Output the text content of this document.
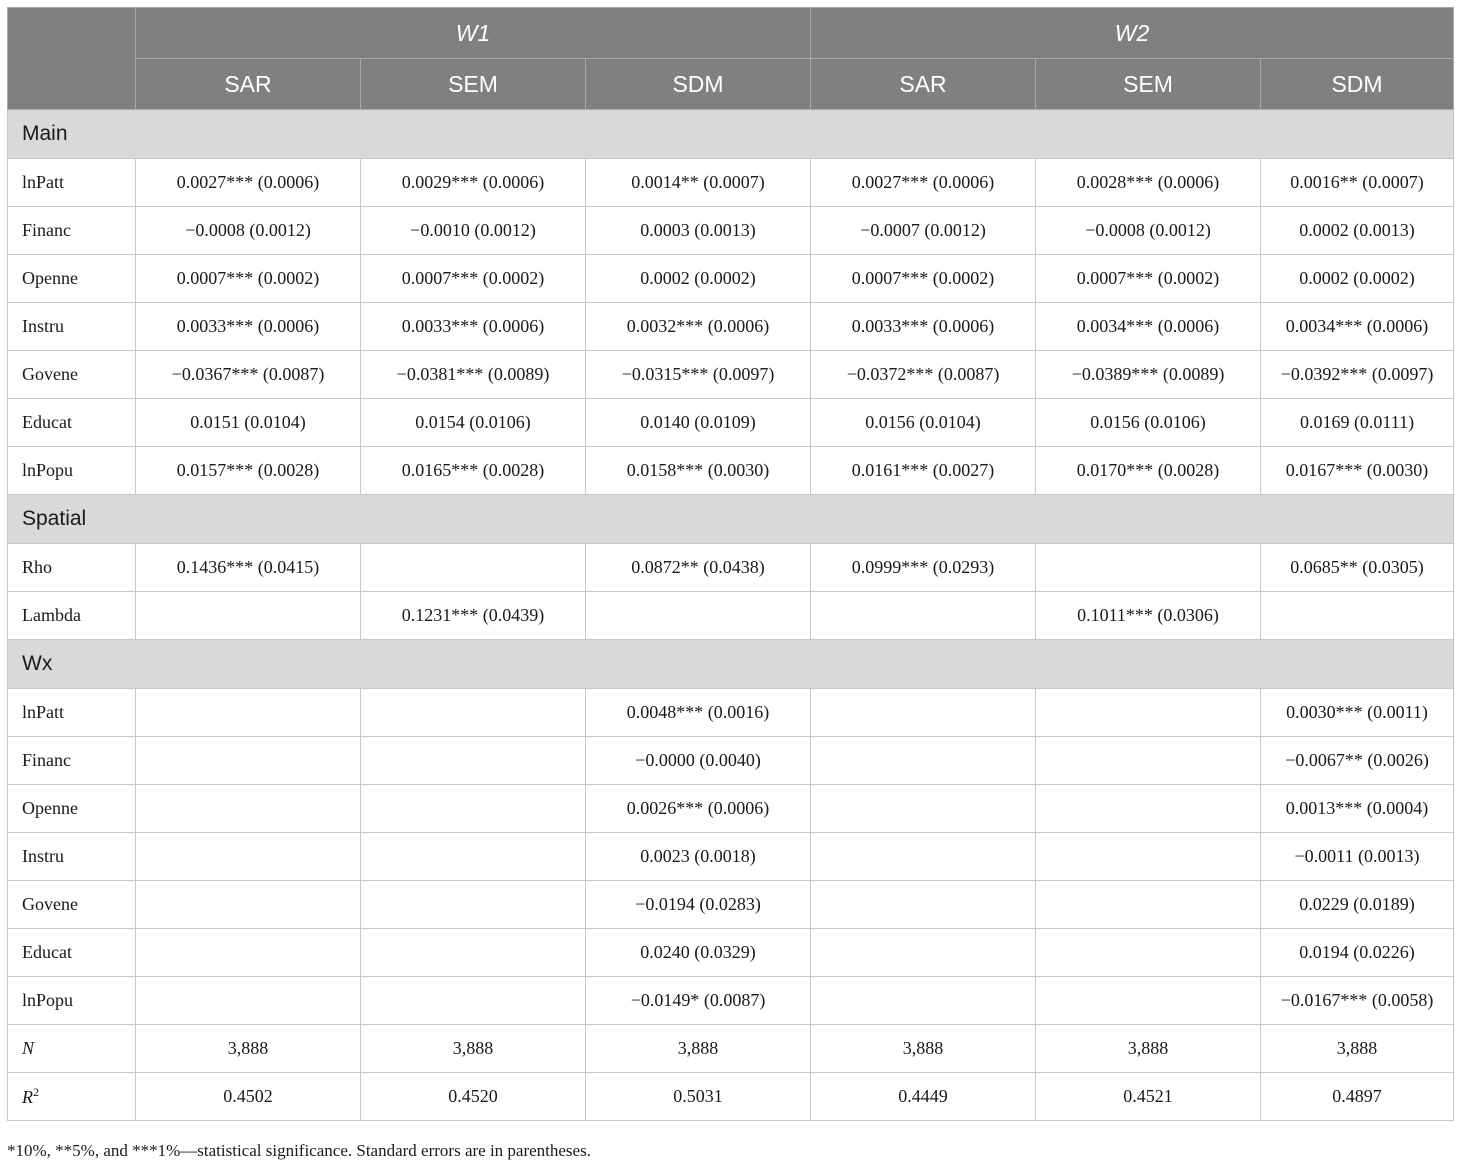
	W1			W2		
	SAR	SEM	SDM	SAR	SEM	SDM
Main						
lnPatt	0.0027*** (0.0006)	0.0029*** (0.0006)	0.0014** (0.0007)	0.0027*** (0.0006)	0.0028*** (0.0006)	0.0016** (0.0007)
Financ	−0.0008 (0.0012)	−0.0010 (0.0012)	0.0003 (0.0013)	−0.0007 (0.0012)	−0.0008 (0.0012)	0.0002 (0.0013)
Openne	0.0007*** (0.0002)	0.0007*** (0.0002)	0.0002 (0.0002)	0.0007*** (0.0002)	0.0007*** (0.0002)	0.0002 (0.0002)
Instru	0.0033*** (0.0006)	0.0033*** (0.0006)	0.0032*** (0.0006)	0.0033*** (0.0006)	0.0034*** (0.0006)	0.0034*** (0.0006)
Govene	−0.0367*** (0.0087)	−0.0381*** (0.0089)	−0.0315*** (0.0097)	−0.0372*** (0.0087)	−0.0389*** (0.0089)	−0.0392*** (0.0097)
Educat	0.0151 (0.0104)	0.0154 (0.0106)	0.0140 (0.0109)	0.0156 (0.0104)	0.0156 (0.0106)	0.0169 (0.0111)
lnPopu	0.0157*** (0.0028)	0.0165*** (0.0028)	0.0158*** (0.0030)	0.0161*** (0.0027)	0.0170*** (0.0028)	0.0167*** (0.0030)
Spatial						
Rho	0.1436*** (0.0415)		0.0872** (0.0438)	0.0999*** (0.0293)		0.0685** (0.0305)
Lambda		0.1231*** (0.0439)			0.1011*** (0.0306)	
Wx						
lnPatt			0.0048*** (0.0016)			0.0030*** (0.0011)
Financ			−0.0000 (0.0040)			−0.0067** (0.0026)
Openne			0.0026*** (0.0006)			0.0013*** (0.0004)
Instru			0.0023 (0.0018)			−0.0011 (0.0013)
Govene			−0.0194 (0.0283)			0.0229 (0.0189)
Educat			0.0240 (0.0329)			0.0194 (0.0226)
lnPopu			−0.0149* (0.0087)			−0.0167*** (0.0058)
N	3,888	3,888	3,888	3,888	3,888	3,888
$R^2$	0.4502	0.4520	0.5031	0.4449	0.4521	0.4897
*10%, **5%, and ***1%—statistical significance. Standard errors are in parentheses.
